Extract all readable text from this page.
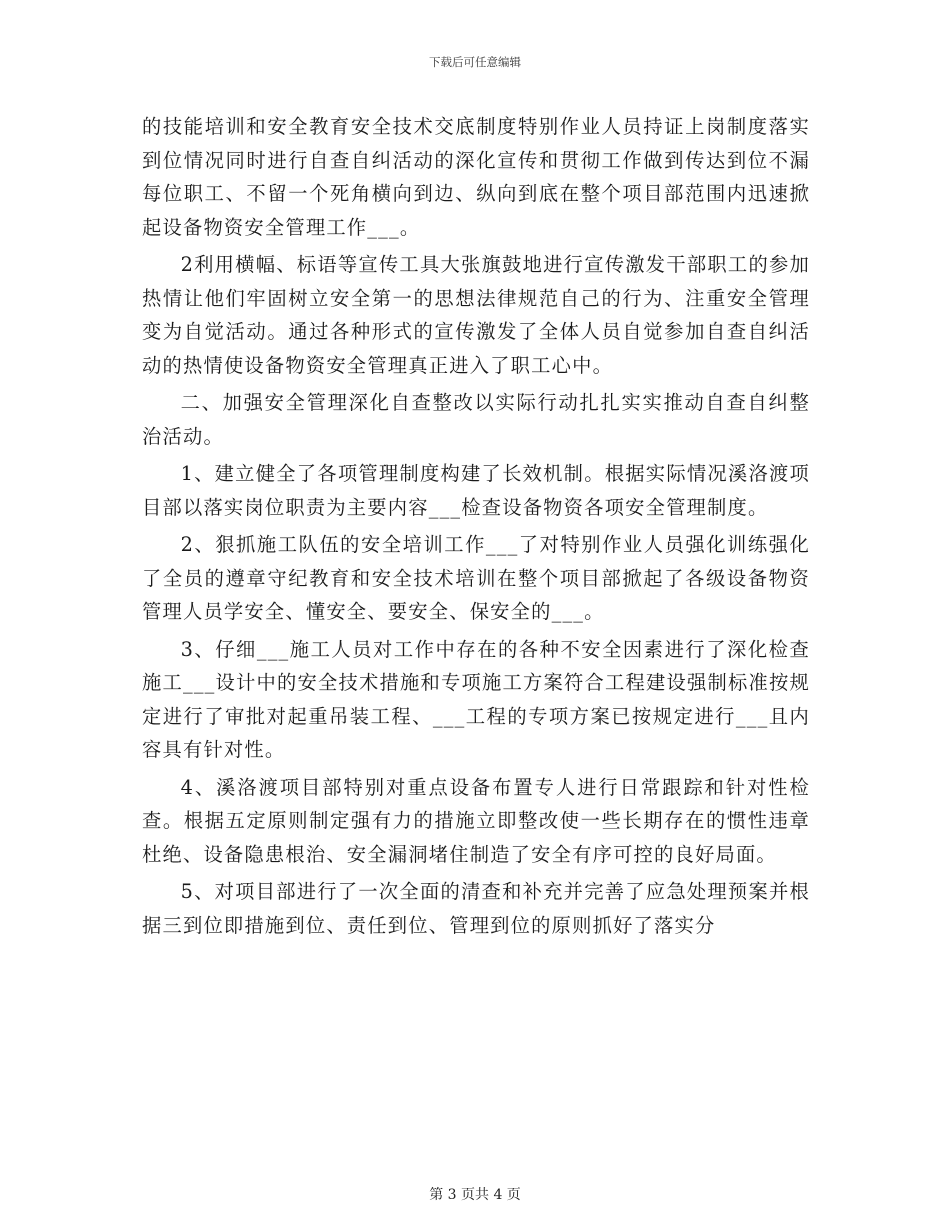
下载后可任意编辑

的技能培训和安全教育安全技术交底制度特别作业人员持证上岗制度落实到位情况同时进行自查自纠活动的深化宣传和贯彻工作做到传达到位不漏每位职工、不留一个死角横向到边、纵向到底在整个项目部范围内迅速掀起设备物资安全管理工作___。

2利用横幅、标语等宣传工具大张旗鼓地进行宣传激发干部职工的参加热情让他们牢固树立安全第一的思想法律规范自己的行为、注重安全管理变为自觉活动。通过各种形式的宣传激发了全体人员自觉参加自查自纠活动的热情使设备物资安全管理真正进入了职工心中。

二、加强安全管理深化自查整改以实际行动扎扎实实推动自查自纠整治活动。

1、建立健全了各项管理制度构建了长效机制。根据实际情况溪洛渡项目部以落实岗位职责为主要内容___检查设备物资各项安全管理制度。

2、狠抓施工队伍的安全培训工作___了对特别作业人员强化训练强化了全员的遵章守纪教育和安全技术培训在整个项目部掀起了各级设备物资管理人员学安全、懂安全、要安全、保安全的___。

3、仔细___施工人员对工作中存在的各种不安全因素进行了深化检查施工___设计中的安全技术措施和专项施工方案符合工程建设强制标准按规定进行了审批对起重吊装工程、___工程的专项方案已按规定进行___且内容具有针对性。

4、溪洛渡项目部特别对重点设备布置专人进行日常跟踪和针对性检查。根据五定原则制定强有力的措施立即整改使一些长期存在的惯性违章杜绝、设备隐患根治、安全漏洞堵住制造了安全有序可控的良好局面。

5、对项目部进行了一次全面的清查和补充并完善了应急处理预案并根据三到位即措施到位、责任到位、管理到位的原则抓好了落实分

第 3 页共 4 页
